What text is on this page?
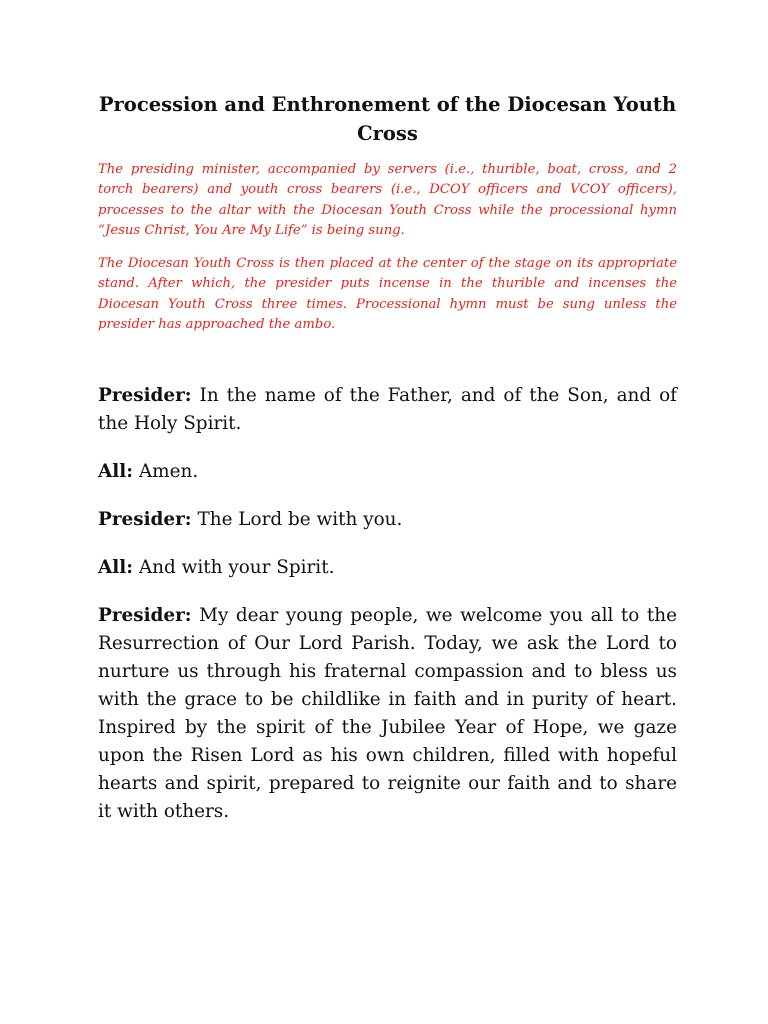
Procession and Enthronement of the Diocesan Youth Cross

The presiding minister, accompanied by servers (i.e., thurible, boat, cross, and 2 torch bearers) and youth cross bearers (i.e., DCOY officers and VCOY officers), processes to the altar with the Diocesan Youth Cross while the processional hymn “Jesus Christ, You Are My Life” is being sung.

The Diocesan Youth Cross is then placed at the center of the stage on its appropriate stand. After which, the presider puts incense in the thurible and incenses the Diocesan Youth Cross three times. Processional hymn must be sung unless the presider has approached the ambo.

Presider: In the name of the Father, and of the Son, and of the Holy Spirit.

All: Amen.

Presider: The Lord be with you.

All: And with your Spirit.

Presider: My dear young people, we welcome you all to the Resurrection of Our Lord Parish. Today, we ask the Lord to nurture us through his fraternal compassion and to bless us with the grace to be childlike in faith and in purity of heart. Inspired by the spirit of the Jubilee Year of Hope, we gaze upon the Risen Lord as his own children, filled with hopeful hearts and spirit, prepared to reignite our faith and to share it with others.
